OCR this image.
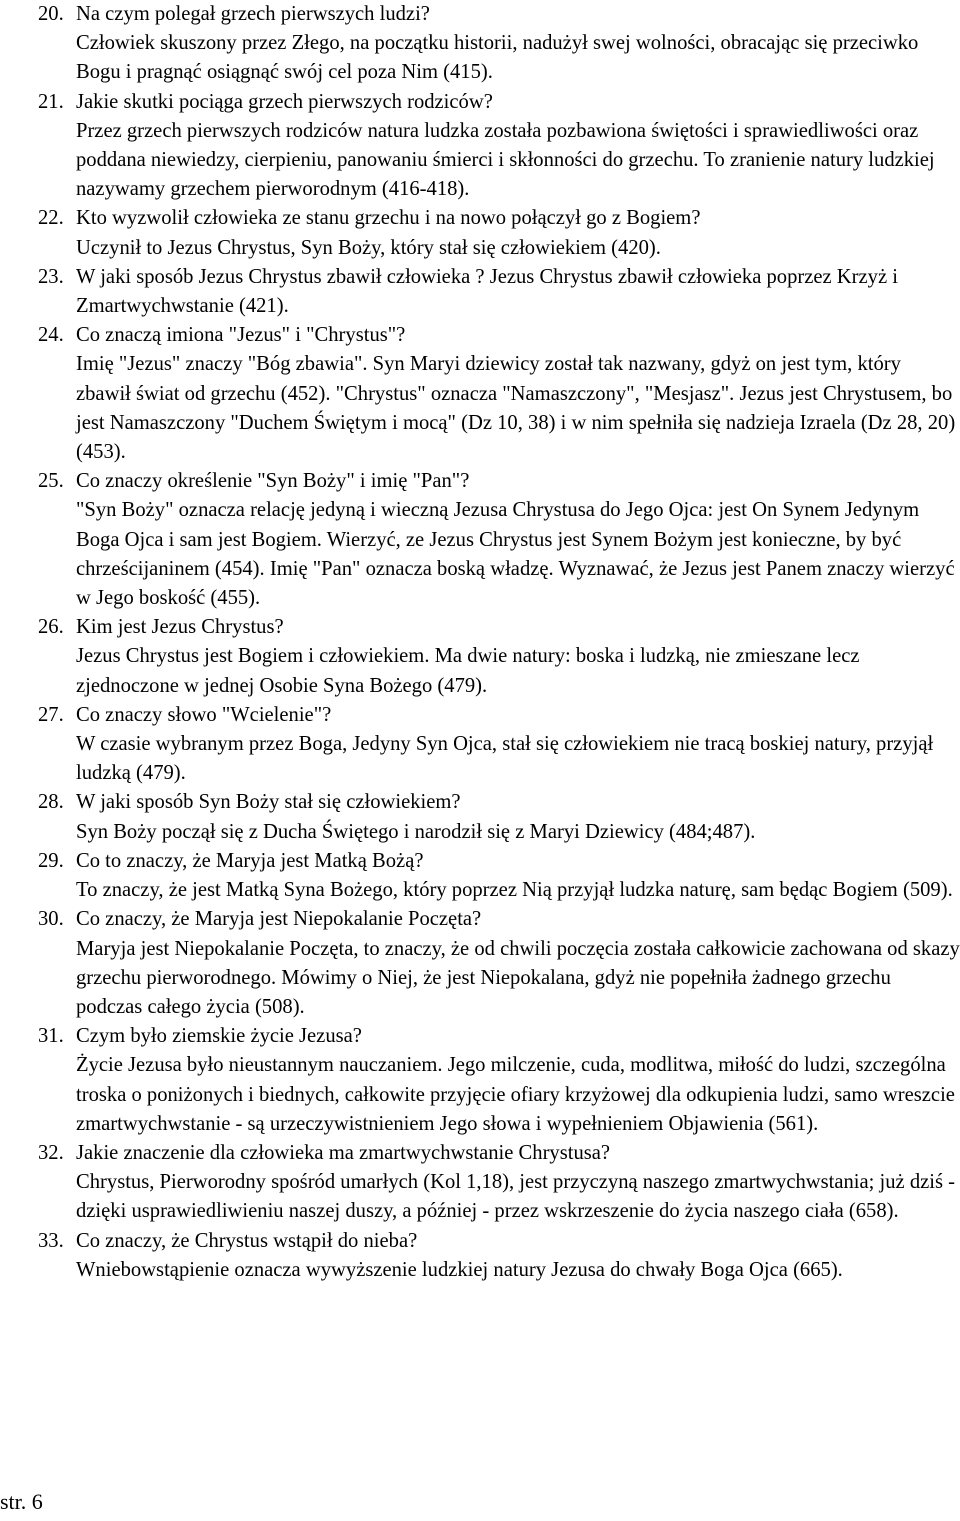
20. Na czym polegał grzech pierwszych ludzi?
Człowiek skuszony przez Złego, na początku historii, nadużył swej wolności, obracając się przeciwko Bogu i pragnąć osiągnąć swój cel poza Nim (415).
21. Jakie skutki pociąga grzech pierwszych rodziców?
Przez grzech pierwszych rodziców natura ludzka została pozbawiona świętości i sprawiedliwości oraz poddana niewiedzy, cierpieniu, panowaniu śmierci i skłonności do grzechu. To zranienie natury ludzkiej nazywamy grzechem pierworodnym (416-418).
22. Kto wyzwolił człowieka ze stanu grzechu i na nowo połączył go z Bogiem?
Uczynił to Jezus Chrystus, Syn Boży, który stał się człowiekiem (420).
23. W jaki sposób Jezus Chrystus zbawił człowieka ? Jezus Chrystus zbawił człowieka poprzez Krzyż i Zmartwychwstanie (421).
24. Co znaczą imiona "Jezus" i "Chrystus"?
Imię "Jezus" znaczy "Bóg zbawia". Syn Maryi dziewicy został tak nazwany, gdyż on jest tym, który zbawił świat od grzechu (452). "Chrystus" oznacza "Namaszczony", "Mesjasz". Jezus jest Chrystusem, bo jest Namaszczony "Duchem Świętym i mocą" (Dz 10, 38) i w nim spełniła się nadzieja Izraela (Dz 28, 20) (453).
25. Co znaczy określenie "Syn Boży" i imię "Pan"?
"Syn Boży" oznacza relację jedyną i wieczną Jezusa Chrystusa do Jego Ojca: jest On Synem Jedynym Boga Ojca i sam jest Bogiem. Wierzyć, ze Jezus Chrystus jest Synem Bożym jest konieczne, by być chrześcijaninem (454). Imię "Pan" oznacza boską władzę. Wyznawać, że Jezus jest Panem znaczy wierzyć w Jego boskość (455).
26. Kim jest Jezus Chrystus?
Jezus Chrystus jest Bogiem i człowiekiem. Ma dwie natury: boska i ludzką, nie zmieszane lecz zjednoczone w jednej Osobie Syna Bożego (479).
27. Co znaczy słowo "Wcielenie"?
W czasie wybranym przez Boga, Jedyny Syn Ojca, stał się człowiekiem nie tracą boskiej natury, przyjął ludzką (479).
28. W jaki sposób Syn Boży stał się człowiekiem?
Syn Boży począł się z Ducha Świętego i narodził się z Maryi Dziewicy (484;487).
29. Co to znaczy, że Maryja jest Matką Bożą?
To znaczy, że jest Matką Syna Bożego, który poprzez Nią przyjął ludzka naturę, sam będąc Bogiem (509).
30. Co znaczy, że Maryja jest Niepokalanie Poczęta?
Maryja jest Niepokalanie Poczęta, to znaczy, że od chwili poczęcia została całkowicie zachowana od skazy grzechu pierworodnego. Mówimy o Niej, że jest Niepokalana, gdyż nie popełniła żadnego grzechu podczas całego życia (508).
31. Czym było ziemskie życie Jezusa?
Życie Jezusa było nieustannym nauczaniem. Jego milczenie, cuda, modlitwa, miłość do ludzi, szczególna troska o poniżonych i biednych, całkowite przyjęcie ofiary krzyżowej dla odkupienia ludzi, samo wreszcie zmartwychwstanie - są urzeczywistnieniem Jego słowa i wypełnieniem Objawienia (561).
32. Jakie znaczenie dla człowieka ma zmartwychwstanie Chrystusa?
Chrystus, Pierworodny spośród umarłych (Kol 1,18), jest przyczyną naszego zmartwychwstania; już dziś - dzięki usprawiedliwieniu naszej duszy, a później - przez wskrzeszenie do życia naszego ciała (658).
33. Co znaczy, że Chrystus wstąpił do nieba?
Wniebowstąpienie oznacza wywyższenie ludzkiej natury Jezusa do chwały Boga Ojca (665).
str. 6
